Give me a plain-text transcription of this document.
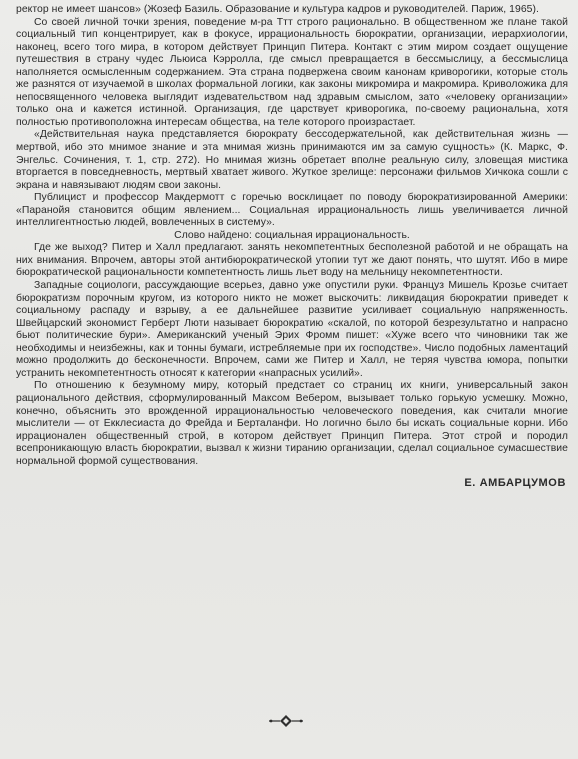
ректор не имеет шансов» (Жозеф Базиль. Образование и культура кадров и руководителей. Париж, 1965).

Со своей личной точки зрения, поведение м-ра Ттт строго рационально. В общественном же плане такой социальный тип концентрирует, как в фокусе, иррациональность бюрократии, организации, иерархиологии, наконец, всего того мира, в котором действует Принцип Питера. Контакт с этим миром создает ощущение путешествия в страну чудес Льюиса Кэрролла, где смысл превращается в бессмыслицу, а бессмыслица наполняется осмысленным содержанием. Эта страна подвержена своим канонам криворогики, которые столь же разнятся от изучаемой в школах формальной логики, как законы микромира и макромира. Криволожика для непосвященного человека выглядит издевательством над здравым смыслом, зато «человеку организации» только она и кажется истинной. Организация, где царствует криворогика, по-своему рациональна, хотя полностью противоположна интересам общества, на теле которого произрастает.

«Действительная наука представляется бюрократу бессодержательной, как действительная жизнь — мертвой, ибо это мнимое знание и эта мнимая жизнь принимаются им за самую сущность» (К. Маркс, Ф. Энгельс. Сочинения, т. 1, стр. 272). Но мнимая жизнь обретает вполне реальную силу, зловещая мистика вторгается в повседневность, мертвый хватает живого. Жуткое зрелище: персонажи фильмов Хичкока сошли с экрана и навязывают людям свои законы.

Публицист и профессор Макдермотт с горечью восклицает по поводу бюрократизированной Америки: «Паранойя становится общим явлением... Социальная иррациональность лишь увеличивается личной интеллигентностью людей, вовлеченных в систему».

Слово найдено: социальная иррациональность.

Где же выход? Питер и Халл предлагают. занять некомпетентных бесполезной работой и не обращать на них внимания. Впрочем, авторы этой антибюрократической утопии тут же дают понять, что шутят. Ибо в мире бюрократической рационaльности компетентность лишь льет воду на мельницу некомпетентности.

Западные социологи, рассуждающие всерьез, давно уже опустили руки. Француз Мишель Крозье считает бюрократизм порочным кругом, из которого никто не может выскочить: ликвидация бюрократии приведет к социальному распаду и взрыву, а ее дальнейшее развитие усиливает социальную напряженность. Швейцарский экономист Герберт Люти называет бюрократию «скалой, по которой безрезультатно и напрасно бьют политические бури». Американский ученый Эрих Фромм пишет: «Хуже всего что чиновники так же необходимы и неизбежны, как и тонны бумаги, истребляемые при их господстве». Число подобных ламентаций можно продолжить до бесконечности. Впрочем, сами же Питер и Халл, не теряя чувства юмора, попытки устранить некомпетентность относят к категории «напрасных усилий».

По отношению к безумному миру, который предстает со страниц их книги, универсальный закон рационального действия, сформулированный Максом Вебером, вызывает только горькую усмешку. Можно, конечно, объяснить это врожденной иррациональностью человеческого поведения, как считали многие мыслители — от Екклесиаста до Фрейда и Берталанфи. Но логично было бы искать социальные корни. Ибо иррационален общественный строй, в котором действует Принцип Питера. Этот строй и породил всепроникающую власть бюрократии, вызвал к жизни тиранию организации, сделал социальное сумасшествие нормальной формой существования.

Е. АМБАРЦУМОВ
